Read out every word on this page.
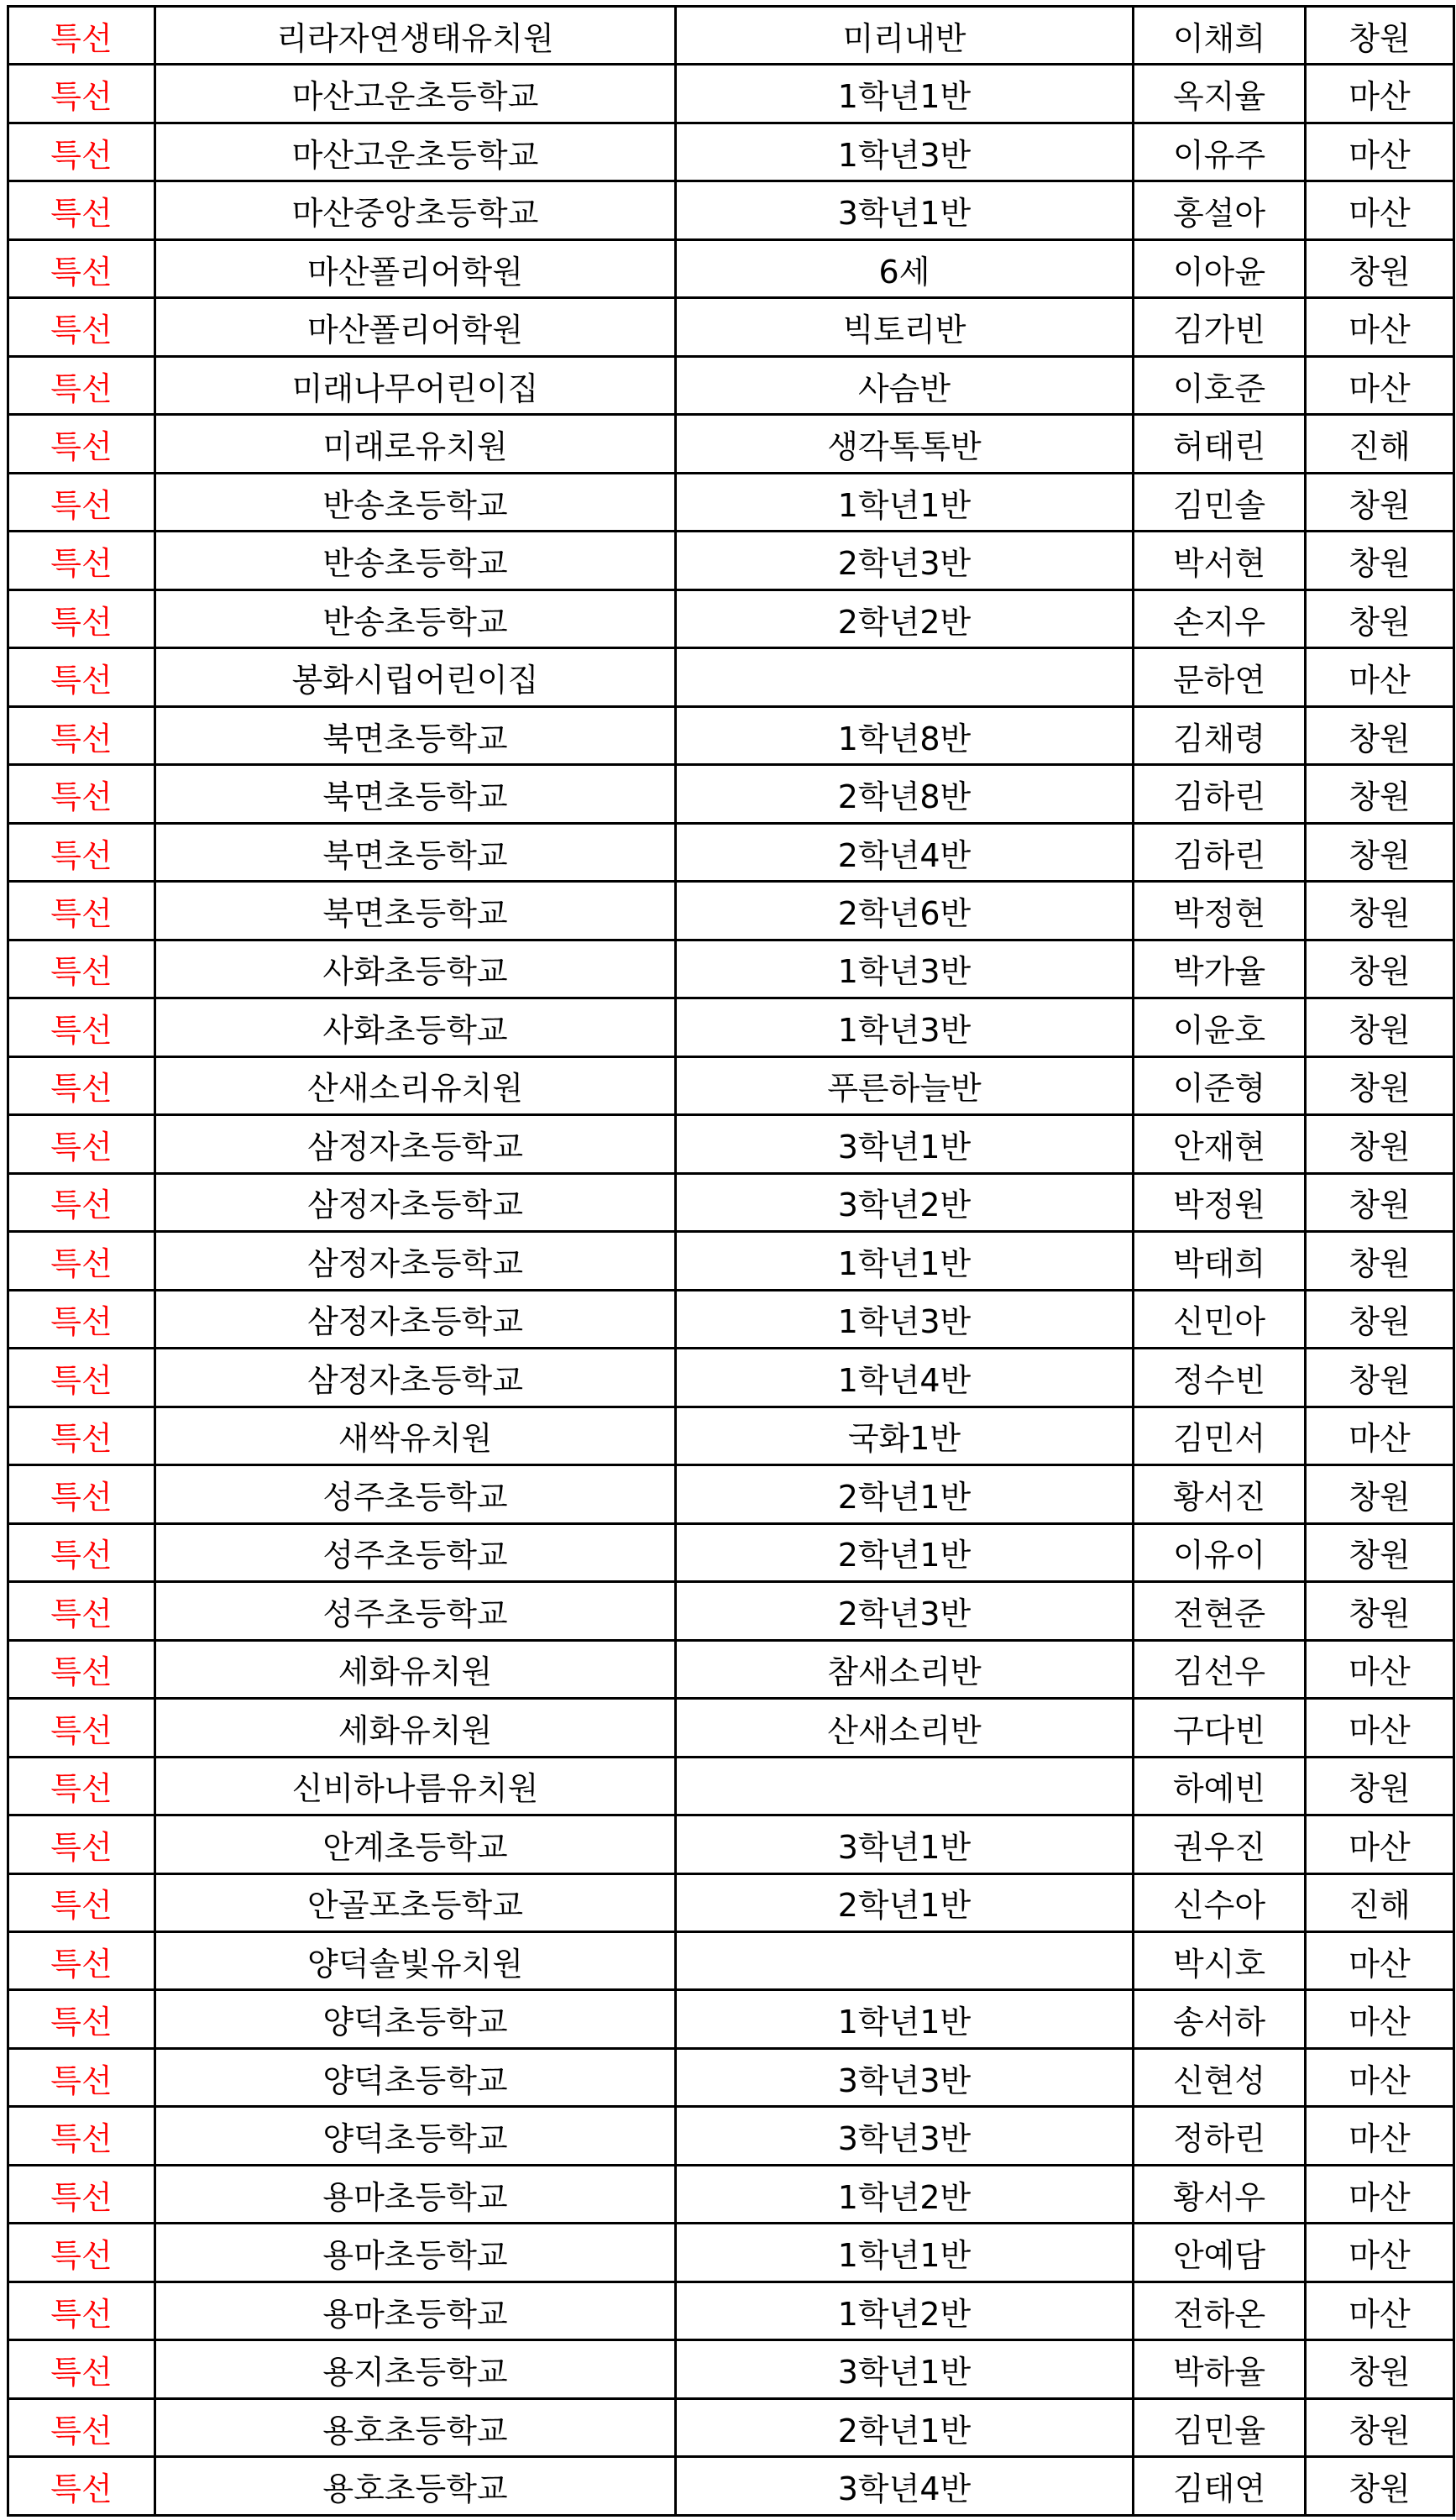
특선	리라자연생태유치원	미리내반	이채희	창원
특선	마산고운초등학교	1학년1반	옥지율	마산
특선	마산고운초등학교	1학년3반	이유주	마산
특선	마산중앙초등학교	3학년1반	홍설아	마산
특선	마산폴리어학원	6세	이아윤	창원
특선	마산폴리어학원	빅토리반	김가빈	마산
특선	미래나무어린이집	사슴반	이호준	마산
특선	미래로유치원	생각톡톡반	허태린	진해
특선	반송초등학교	1학년1반	김민솔	창원
특선	반송초등학교	2학년3반	박서현	창원
특선	반송초등학교	2학년2반	손지우	창원
특선	봉화시립어린이집		문하연	마산
특선	북면초등학교	1학년8반	김채령	창원
특선	북면초등학교	2학년8반	김하린	창원
특선	북면초등학교	2학년4반	김하린	창원
특선	북면초등학교	2학년6반	박정현	창원
특선	사화초등학교	1학년3반	박가율	창원
특선	사화초등학교	1학년3반	이윤호	창원
특선	산새소리유치원	푸른하늘반	이준형	창원
특선	삼정자초등학교	3학년1반	안재현	창원
특선	삼정자초등학교	3학년2반	박정원	창원
특선	삼정자초등학교	1학년1반	박태희	창원
특선	삼정자초등학교	1학년3반	신민아	창원
특선	삼정자초등학교	1학년4반	정수빈	창원
특선	새싹유치원	국화1반	김민서	마산
특선	성주초등학교	2학년1반	황서진	창원
특선	성주초등학교	2학년1반	이유이	창원
특선	성주초등학교	2학년3반	전현준	창원
특선	세화유치원	참새소리반	김선우	마산
특선	세화유치원	산새소리반	구다빈	마산
특선	신비하나름유치원		하예빈	창원
특선	안계초등학교	3학년1반	권우진	마산
특선	안골포초등학교	2학년1반	신수아	진해
특선	양덕솔빛유치원		박시호	마산
특선	양덕초등학교	1학년1반	송서하	마산
특선	양덕초등학교	3학년3반	신현성	마산
특선	양덕초등학교	3학년3반	정하린	마산
특선	용마초등학교	1학년2반	황서우	마산
특선	용마초등학교	1학년1반	안예담	마산
특선	용마초등학교	1학년2반	전하온	마산
특선	용지초등학교	3학년1반	박하율	창원
특선	용호초등학교	2학년1반	김민율	창원
특선	용호초등학교	3학년4반	김태연	창원
